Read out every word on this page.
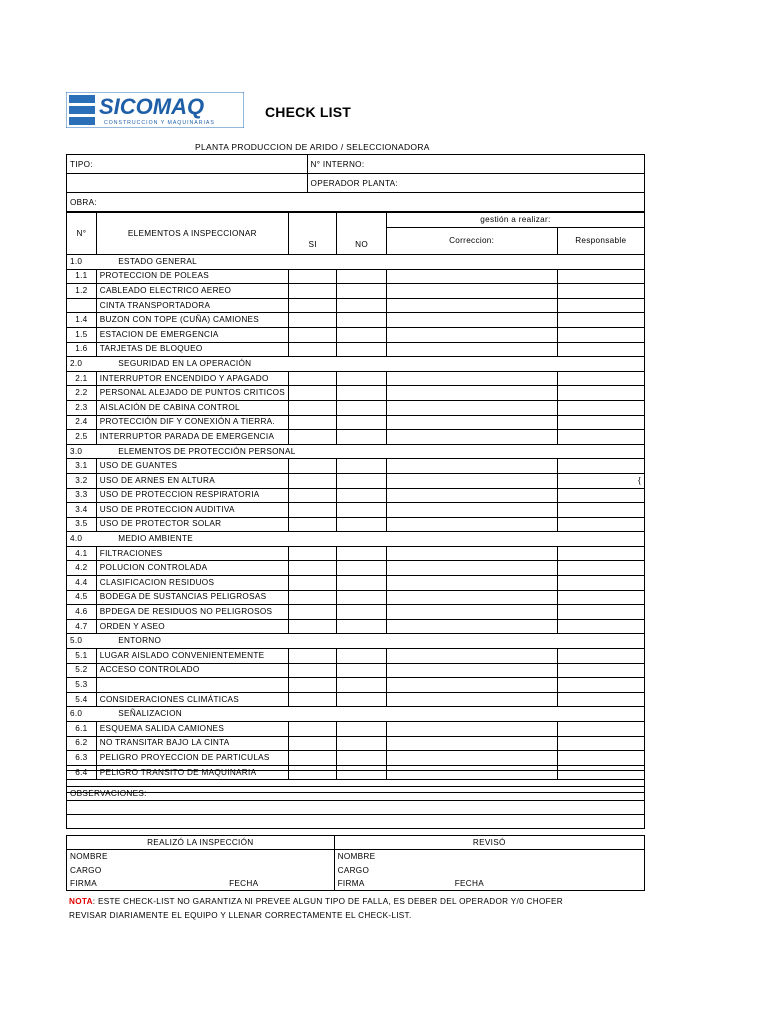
SICOMAQ
CONSTRUCCION Y MAQUINARIAS
CHECK LIST
PLANTA PRODUCCION DE ARIDO / SELECCIONADORA
TIPO:	N° INTERNO:
	OPERADOR PLANTA:
OBRA:	
N°	ELEMENTOS A INSPECCIONAR	SI	NO	gestión a realizar:	
				Correccion:	Responsable
1.0	ESTADO GENERAL				
1.1	PROTECCION DE POLEAS				
1.2	CABLEADO ELECTRICO AEREO				
	CINTA TRANSPORTADORA				
1.4	BUZON CON TOPE (CUÑA) CAMIONES				
1.5	ESTACION DE EMERGENCIA				
1.6	TARJETAS DE BLOQUEO				
2.0	SEGURIDAD EN LA OPERACIÓN				
2.1	INTERRUPTOR ENCENDIDO Y APAGADO				
2.2	PERSONAL ALEJADO DE PUNTOS CRITICOS				
2.3	AISLACIÓN DE CABINA CONTROL				
2.4	PROTECCIÓN DIF Y CONEXIÓN A TIERRA.				
2.5	INTERRUPTOR PARADA DE EMERGENCIA				
3.0	ELEMENTOS DE PROTECCIÓN PERSONAL				
3.1	USO DE GUANTES				
3.2	USO DE ARNES EN ALTURA				{
3.3	USO DE PROTECCION RESPIRATORIA				
3.4	USO DE PROTECCION AUDITIVA				
3.5	USO DE PROTECTOR SOLAR				
4.0	MEDIO AMBIENTE				
4.1	FILTRACIONES				
4.2	POLUCION CONTROLADA				
4.4	CLASIFICACION RESIDUOS				
4.5	BODEGA DE SUSTANCIAS PELIGROSAS				
4.6	BPDEGA DE RESIDUOS NO PELIGROSOS				
4.7	ORDEN Y ASEO				
5.0	ENTORNO				
5.1	LUGAR AISLADO CONVENIENTEMENTE				
5.2	ACCESO CONTROLADO				
5.3					
5.4	CONSIDERACIONES CLIMÁTICAS				
6.0	SEÑALIZACION				
6.1	ESQUEMA SALIDA CAMIONES				
6.2	NO TRANSITAR BAJO LA CINTA				
6.3	PELIGRO PROYECCION DE PARTICULAS				
6.4	PELIGRO TRANSITO DE MAQUINARIA				

OBSERVACIONES:

REALIZÓ LA INSPECCIÓN	REVISÓ
NOMBRE	NOMBRE
CARGO	CARGO
FIRMA FECHA	FIRMA FECHA
NOTA: ESTE CHECK-LIST NO GARANTIZA NI PREVEE ALGUN TIPO DE FALLA, ES DEBER DEL OPERADOR Y/0 CHOFER
REVISAR DIARIAMENTE EL EQUIPO Y LLENAR CORRECTAMENTE EL CHECK-LIST.
